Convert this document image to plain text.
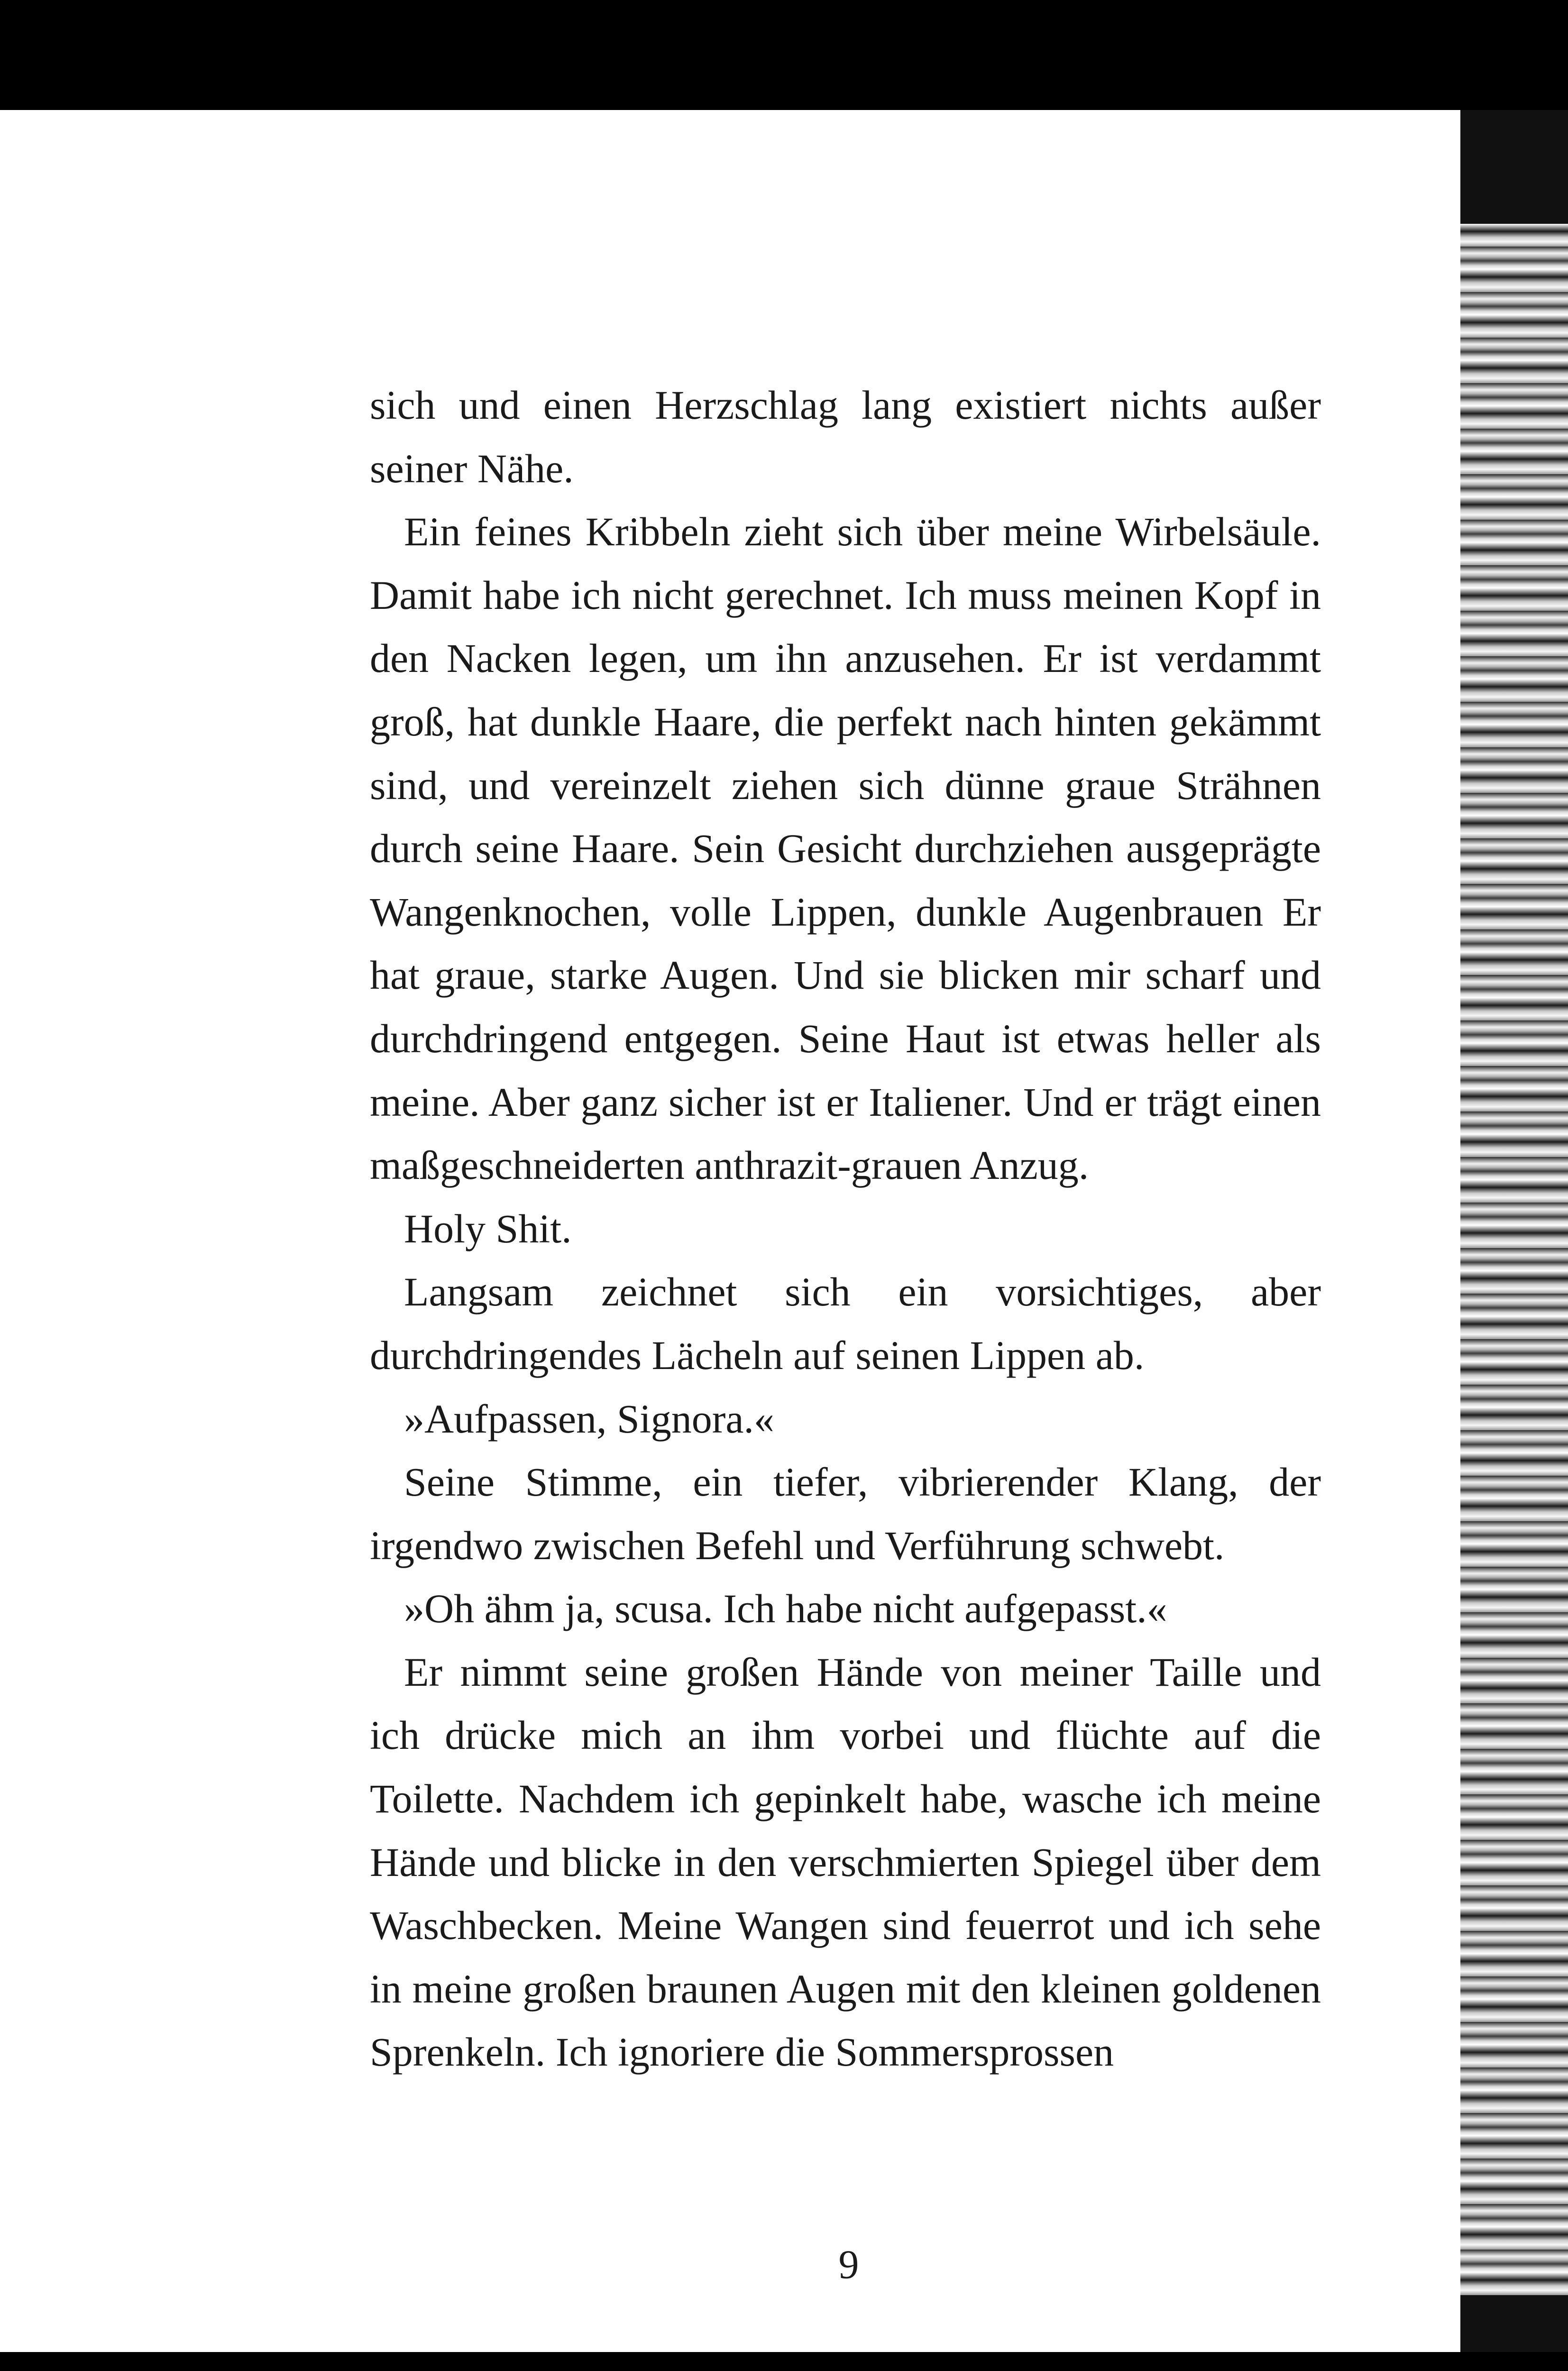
sich und einen Herzschlag lang existiert nichts außer seiner Nähe.

Ein feines Kribbeln zieht sich über meine Wirbelsäule. Damit habe ich nicht gerechnet. Ich muss meinen Kopf in den Nacken legen, um ihn anzusehen. Er ist verdammt groß, hat dunkle Haare, die perfekt nach hinten gekämmt sind, und vereinzelt ziehen sich dünne graue Strähnen durch seine Haare. Sein Gesicht durchziehen ausgeprägte Wangenknochen, volle Lippen, dunkle Augenbrauen Er hat graue, starke Augen. Und sie blicken mir scharf und durchdringend entgegen. Seine Haut ist etwas heller als meine. Aber ganz sicher ist er Italiener. Und er trägt einen maßgeschneiderten anthrazit-grauen Anzug.

Holy Shit.

Langsam zeichnet sich ein vorsichtiges, aber durchdringendes Lächeln auf seinen Lippen ab.

»Aufpassen, Signora.«

Seine Stimme, ein tiefer, vibrierender Klang, der irgendwo zwischen Befehl und Verführung schwebt.

»Oh ähm ja, scusa. Ich habe nicht aufgepasst.«

Er nimmt seine großen Hände von meiner Taille und ich drücke mich an ihm vorbei und flüchte auf die Toilette. Nachdem ich gepinkelt habe, wasche ich meine Hände und blicke in den verschmierten Spiegel über dem Waschbecken. Meine Wangen sind feuerrot und ich sehe in meine großen braunen Augen mit den kleinen goldenen Sprenkeln. Ich ignoriere die Sommersprossen

9
